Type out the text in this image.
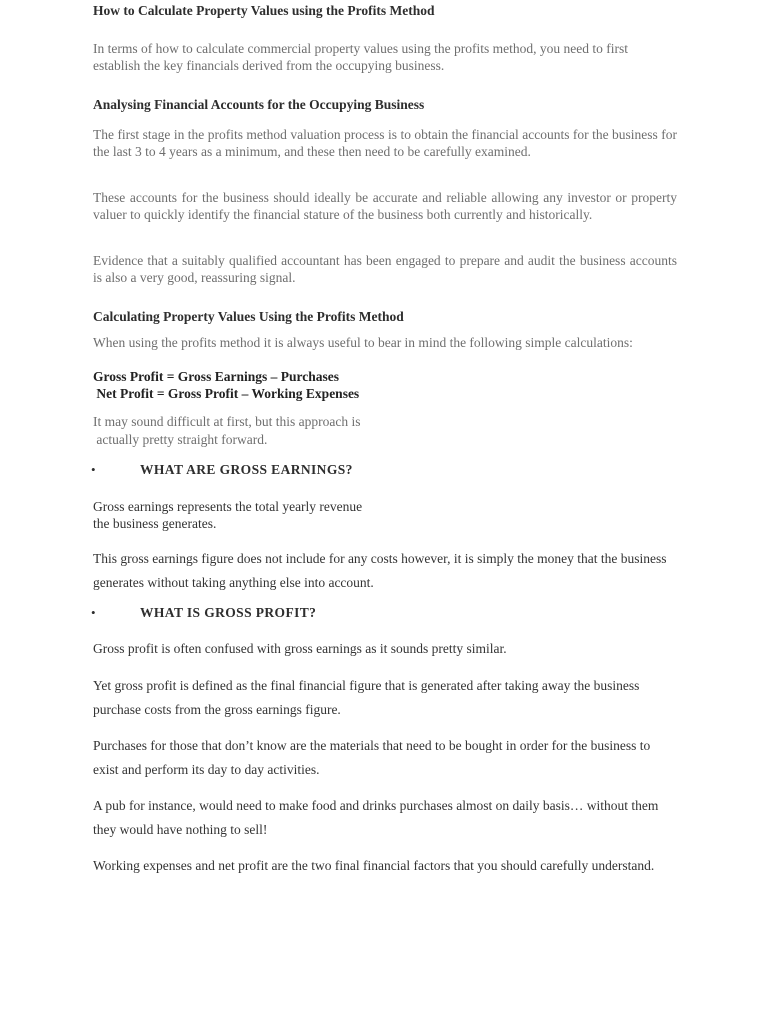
How to Calculate Property Values using the Profits Method

In terms of how to calculate commercial property values using the profits method, you need to first establish the key financials derived from the occupying business.

Analysing Financial Accounts for the Occupying Business

The first stage in the profits method valuation process is to obtain the financial accounts for the business for the last 3 to 4 years as a minimum, and these then need to be carefully examined.

These accounts for the business should ideally be accurate and reliable allowing any investor or property valuer to quickly identify the financial stature of the business both currently and historically.

Evidence that a suitably qualified accountant has been engaged to prepare and audit the business accounts is also a very good, reassuring signal.

Calculating Property Values Using the Profits Method

When using the profits method it is always useful to bear in mind the following simple calculations:

Gross Profit = Gross Earnings – Purchases

Net Profit = Gross Profit – Working Expenses

It may sound difficult at first, but this approach is

actually pretty straight forward.

•	WHAT ARE GROSS EARNINGS?

Gross earnings represents the total yearly revenue

the business generates.

This gross earnings figure does not include for any costs however, it is simply the money that the business generates without taking anything else into account.

•	WHAT IS GROSS PROFIT?

Gross profit is often confused with gross earnings as it sounds pretty similar.

Yet gross profit is defined as the final financial figure that is generated after taking away the business purchase costs from the gross earnings figure.

Purchases for those that don’t know are the materials that need to be bought in order for the business to exist and perform its day to day activities.

A pub for instance, would need to make food and drinks purchases almost on daily basis… without them they would have nothing to sell!

Working expenses and net profit are the two final financial factors that you should carefully understand.
